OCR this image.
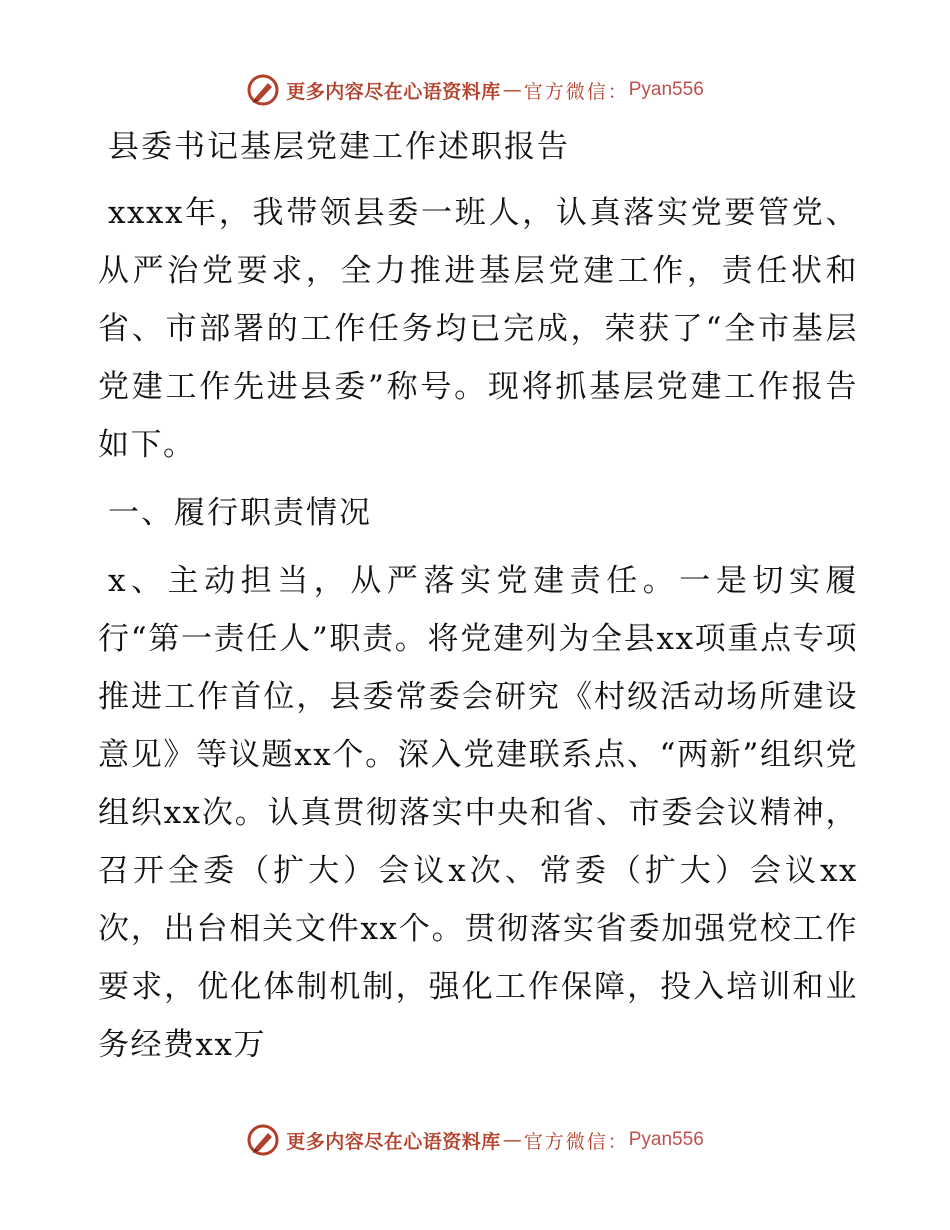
更多内容尽在心语资料库 — 官方微信： Pyan556
县委书记基层党建工作述职报告

xxxx年，我带领县委一班人，认真落实党要管党、从严治党要求，全力推进基层党建工作，责任状和省、市部署的工作任务均已完成，荣获了“全市基层党建工作先进县委”称号。现将抓基层党建工作报告如下。

一、履行职责情况

x、主动担当，从严落实党建责任。一是切实履行“第一责任人”职责。将党建列为全县xx项重点专项推进工作首位，县委常委会研究《村级活动场所建设意见》等议题xx个。深入党建联系点、“两新”组织党组织xx次。认真贯彻落实中央和省、市委会议精神，召开全委（扩大）会议x次、常委（扩大）会议xx次，出台相关文件xx个。贯彻落实省委加强党校工作要求，优化体制机制，强化工作保障，投入培训和业务经费xx万

更多内容尽在心语资料库 — 官方微信： Pyan556
